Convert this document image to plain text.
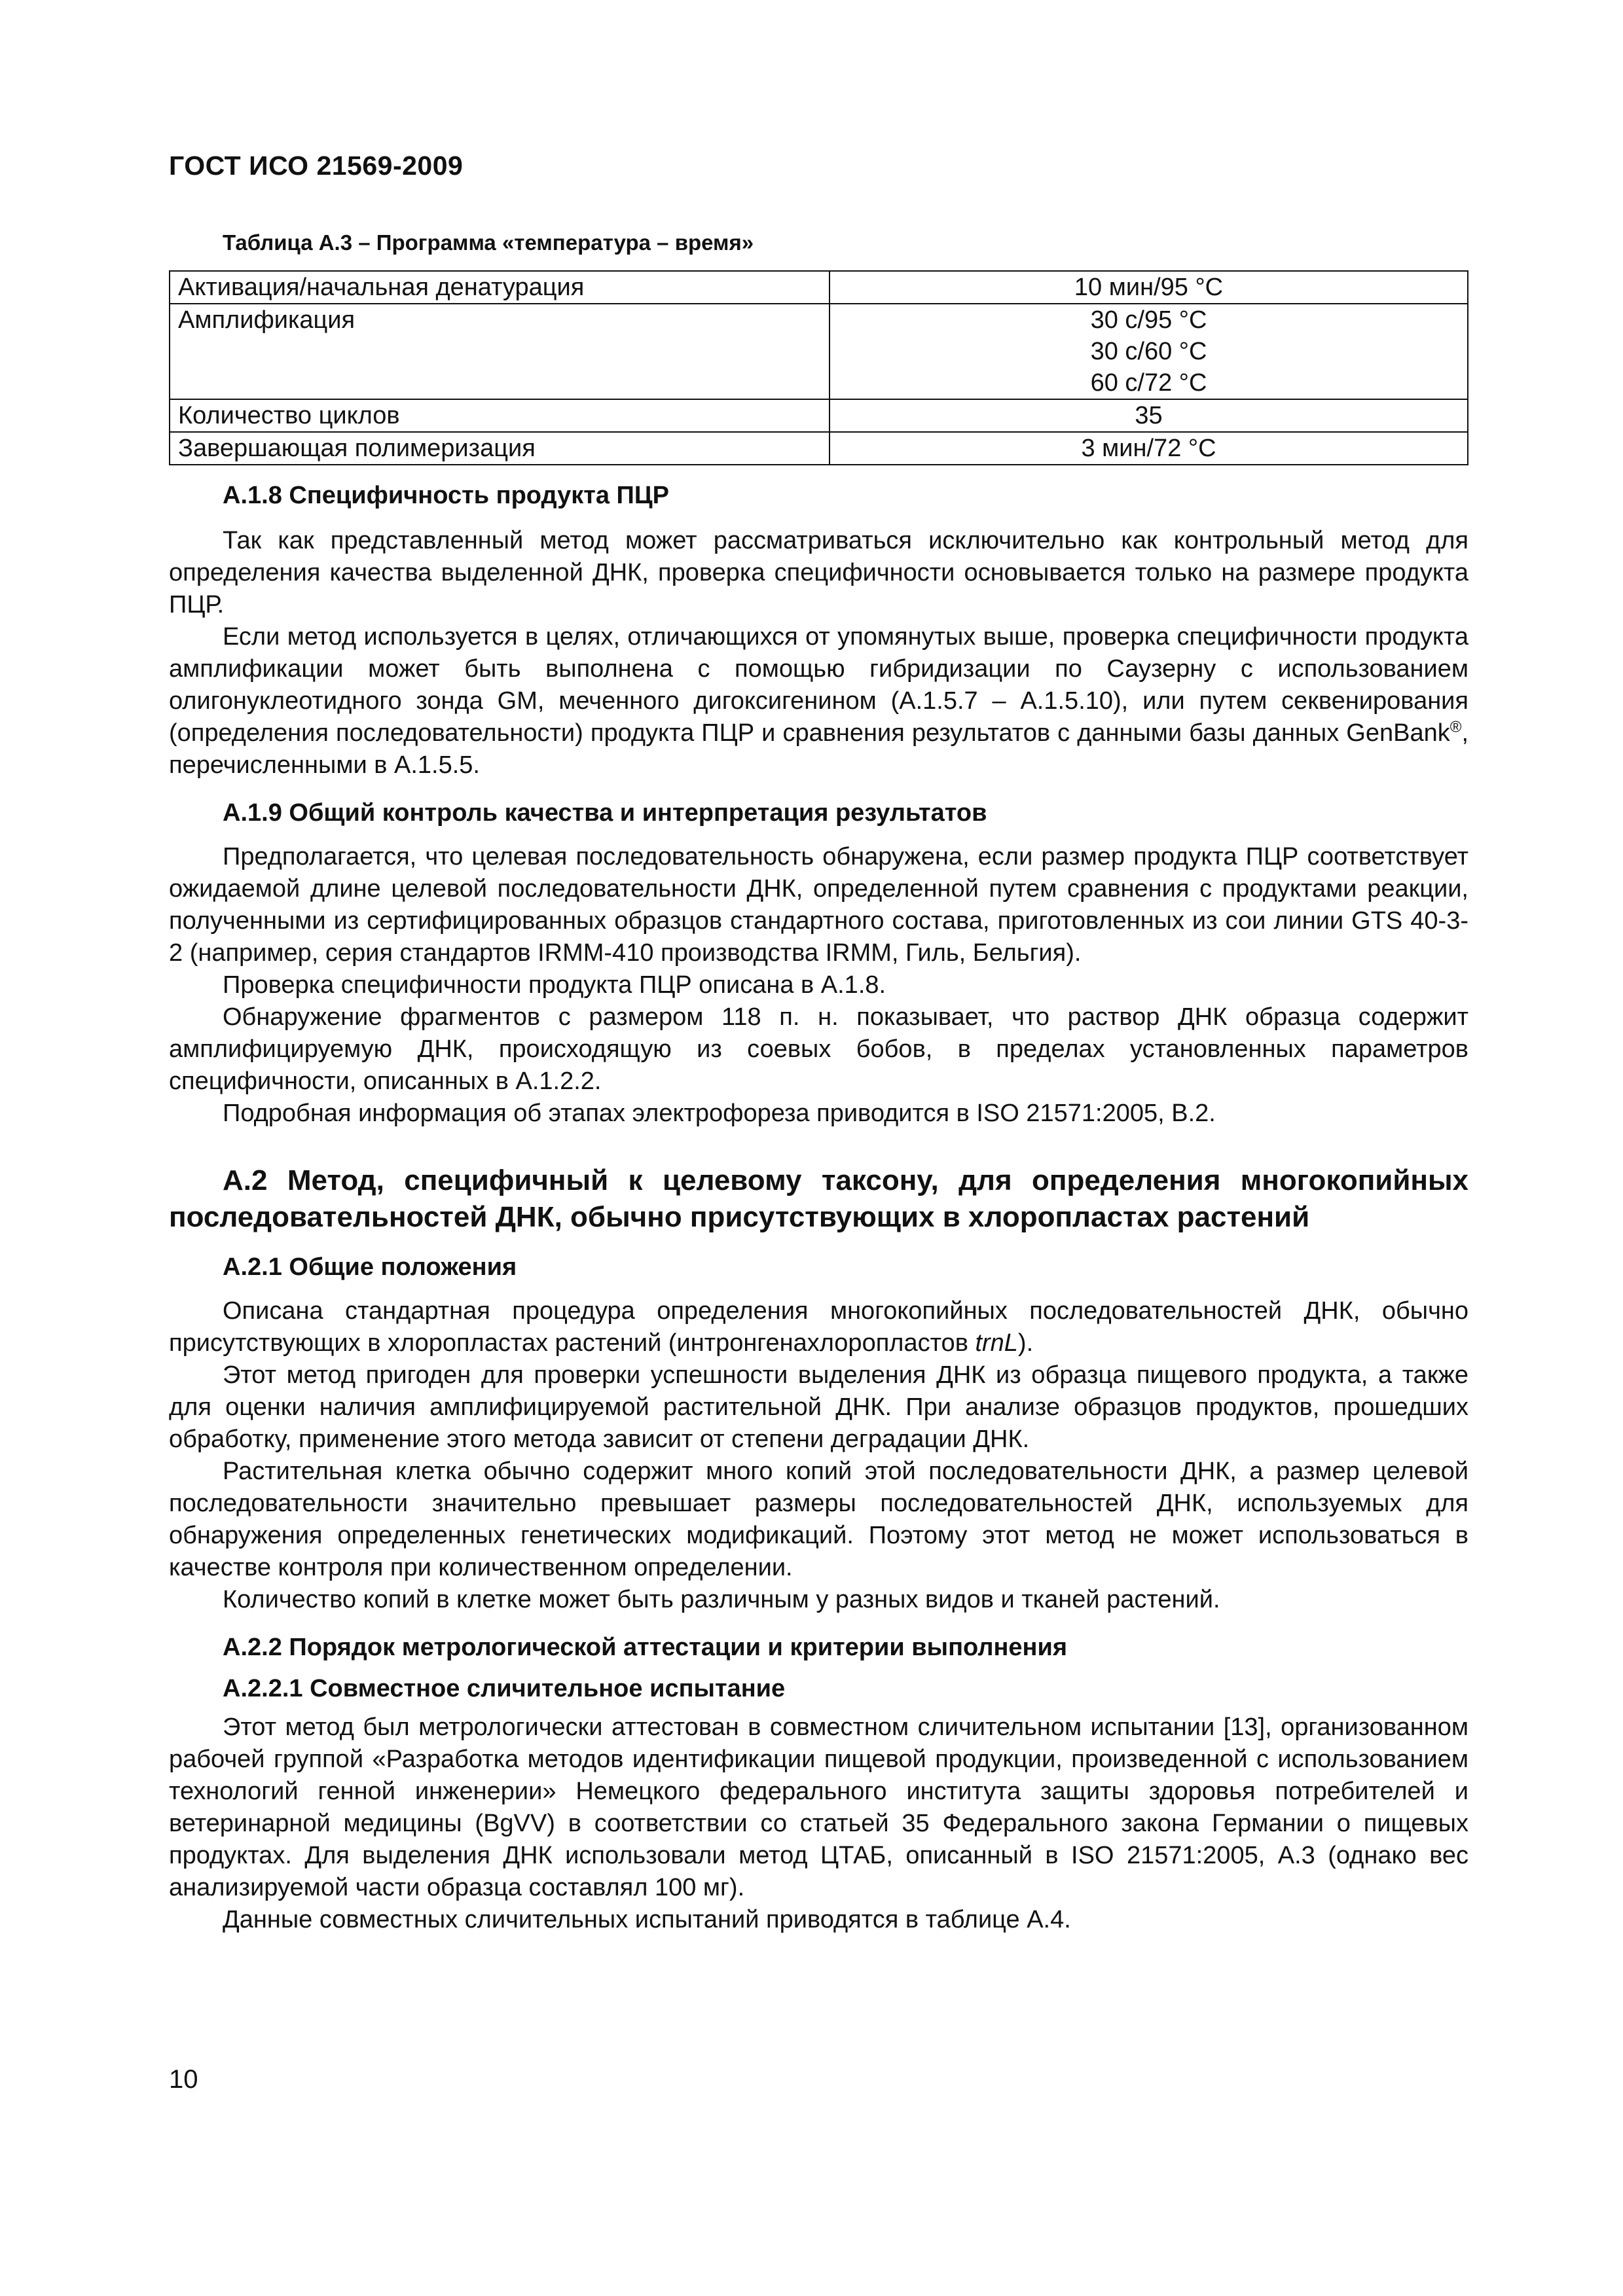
ГОСТ ИСО 21569-2009
Таблица А.3 – Программа «температура – время»
Активация/начальная денатурация	10 мин/95 °С
Амплификация	30 с/95 °С
30 с/60 °С
60 с/72 °С

Количество циклов	35
Завершающая полимеризация	3 мин/72 °С
А.1.8 Специфичность продукта ПЦР

Так как представленный метод может рассматриваться исключительно как контрольный метод для определения качества выделенной ДНК, проверка специфичности основывается только на размере продукта ПЦР.

Если метод используется в целях, отличающихся от упомянутых выше, проверка специфичности продукта амплификации может быть выполнена с помощью гибридизации по Саузерну с использованием олигонуклеотидного зонда GM, меченного дигоксигенином (А.1.5.7 – А.1.5.10), или путем секвенирования (определения последовательности) продукта ПЦР и сравнения результатов с данными базы данных GenBank®, перечисленными в А.1.5.5.

А.1.9 Общий контроль качества и интерпретация результатов

Предполагается, что целевая последовательность обнаружена, если размер продукта ПЦР соответствует ожидаемой длине целевой последовательности ДНК, определенной путем сравнения с продуктами реакции, полученными из сертифицированных образцов стандартного состава, приготовленных из сои линии GTS 40-3-2 (например, серия стандартов IRMM-410 производства IRMM, Гиль, Бельгия).

Проверка специфичности продукта ПЦР описана в А.1.8.

Обнаружение фрагментов с размером 118 п. н. показывает, что раствор ДНК образца содержит амплифицируемую ДНК, происходящую из соевых бобов, в пределах установленных параметров специфичности, описанных в А.1.2.2.

Подробная информация об этапах электрофореза приводится в ISO 21571:2005, В.2.

А.2 Метод, специфичный к целевому таксону, для определения многокопийных последовательностей ДНК, обычно присутствующих в хлоропластах растений
А.2.1 Общие положения

Описана стандартная процедура определения многокопийных последовательностей ДНК, обычно присутствующих в хлоропластах растений (интронгенахлоропластов trnL).

Этот метод пригоден для проверки успешности выделения ДНК из образца пищевого продукта, а также для оценки наличия амплифицируемой растительной ДНК. При анализе образцов продуктов, прошедших обработку, применение этого метода зависит от степени деградации ДНК.

Растительная клетка обычно содержит много копий этой последовательности ДНК, а размер целевой последовательности значительно превышает размеры последовательностей ДНК, используемых для обнаружения определенных генетических модификаций. Поэтому этот метод не может использоваться в качестве контроля при количественном определении.

Количество копий в клетке может быть различным у разных видов и тканей растений.

А.2.2 Порядок метрологической аттестации и критерии выполнения
А.2.2.1 Совместное сличительное испытание

Этот метод был метрологически аттестован в совместном сличительном испытании [13], организованном рабочей группой «Разработка методов идентификации пищевой продукции, произведенной с использованием технологий генной инженерии» Немецкого федерального института защиты здоровья потребителей и ветеринарной медицины (BgVV) в соответствии со статьей 35 Федерального закона Германии о пищевых продуктах. Для выделения ДНК использовали метод ЦТАБ, описанный в ISO 21571:2005, А.3 (однако вес анализируемой части образца составлял 100 мг).

Данные совместных сличительных испытаний приводятся в таблице А.4.

10
